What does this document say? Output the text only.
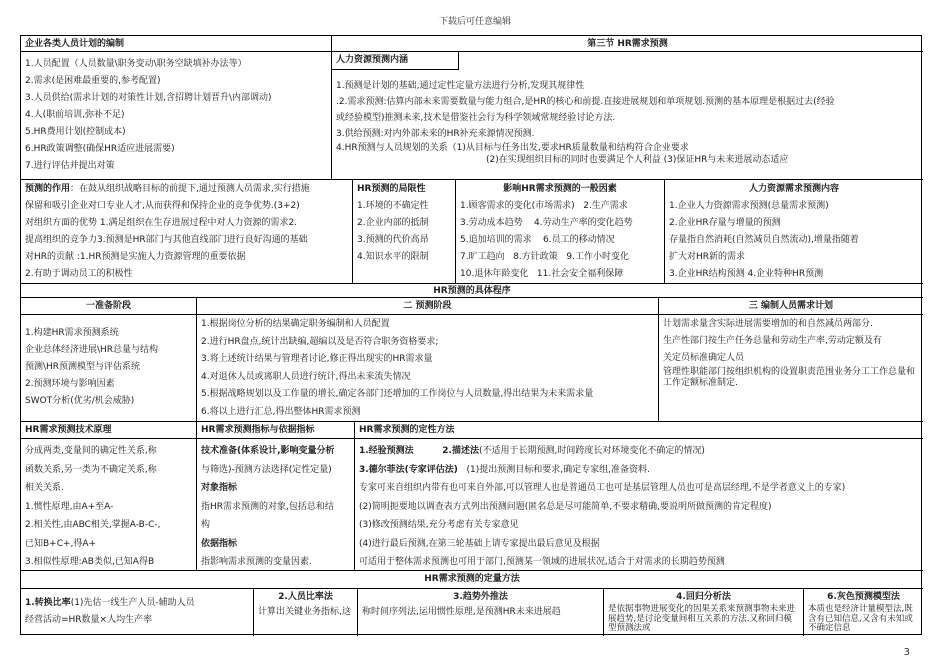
下载后可任意编辑
企业各类人员计划的编制
1.人员配置（人员数量\职务变动\职务空缺填补办法等）
2.需求(是困难最重要的,参考配置)
3.人员供给(需求计划的对策性计划,含招聘计划晋升\内部调动)
4.人(职前培训,弥补不足)
5.HR费用计划(控制成本)
6.HR政策调整(确保HR适应进展需要)
7.进行评估并提出对策
第三节 HR需求预测
人力资源预测内涵
1.预测是计划的基础,通过定性定量方法进行分析,发现其规律性
.2.需求预测:估算内部未来需要数量与能力组合,是HR的核心和前提.直接进展规划和单项规划.预测的基本原理是根据过去(经验
或经验模型)推测未来,技术是借鉴社会行为科学领域常规经验讨论方法.
3.供给预测:对内外部未来的HR补充来源情况预测.
4.HR预测与人员规划的关系（1)从目标与任务出发,要求HR质量数量和结构符合企业要求
(2)在实现组织目标的同时也要满足个人利益 (3)保证HR与未来进展动态适应
预测的作用：在鼓从组织战略目标的前提下,通过预测人员需求,实行措施
保留和吸引企业对口专业人才,从而获得和保持企业的竞争优势.(3+2)
对组织方面的优势 1.满足组织在生存进展过程中对人力资源的需求2.
提高组织的竞争力3.预测是HR部门与其他直线部门进行良好沟通的基础
对HR的贡献 :1.HR预测是实施人力资源管理的重要依据
2.有助于调动员工的积极性
HR预测的局限性
1.环境的不确定性
2.企业内部的抵制
3.预测的代价高昂
4.知识水平的限制
影响HR需求预测的一般因素
1.顾客需求的变化(市场需求) 2.生产需求
3.劳动成本趋势 4.劳动生产率的变化趋势
5.追加培训的需求 6.员工的移动情况
7.旷工趋向 8.方针政策 9.工作小时变化
10.退休年龄变化 11.社会安全福利保障
人力资源需求预测内容
1.企业人力资源需求预测(总量需求预测)
2.企业HR存量与增量的预测
存量指自然消耗(自然减员自然流动),增量指随着
扩大对HR新的需求
3.企业HR结构预测 4.企业特种HR预测
HR预测的具体程序
一准备阶段
1.构建HR需求预测系统
企业总体经济进展\HR总量与结构
预测\HR预测模型与评估系统
2.预测环境与影响因素
SWOT分析(优劣/机会威胁)
二 预测阶段
1.根据岗位分析的结果确定职务编制和人员配置
2.进行HR盘点,统计出缺编,超编以及是否符合职务资格要求;
3.将上述统计结果与管理者讨论,修正得出现实的HR需求量
4.对退休人员或离职人员进行统计,得出未来流失情况
5.根据战略规划以及工作量的增长,确定各部门还增加的工作岗位与人员数量,得出结果为未来需求量
6.将以上进行汇总,得出整体HR需求预测
三 编制人员需求计划
计划需求量含实际进展需要增加的和自然减员两部分.
生产性部门按生产任务总量和劳动生产率,劳动定额及有
关定员标准确定人员
管理性职能部门按组织机构的设置职责范围业务分工工作总量和工作定额标准制定.
HR需求预测技术原理
分成两类,变量间的确定性关系,称
函数关系,另一类为不确定关系,称
相关关系.
1.惯性原理,由A+至A-
2.相关性,由ABC相关,掌握A-B-C-,
已知B+C+,得A+
3.相似性原理:AB类似,已知A得B
HR需求预测指标与依据指标
技术准备(体系设计,影响变量分析
与筛选)-预测方法选择(定性定量)
对象指标
指HR需求预测的对象,包括总和结
构
依据指标
指影响需求预测的变量因素.
HR需求预测的定性方法
1.经验预测法	2.描述法(不适用于长期预测,时间跨度长对环境变化不确定的情况)
3.德尔菲法(专家评估法) (1)提出预测目标和要求,确定专家组,准备资料.
专家可来自组织内带有也可来自外部,可以管理人也是普通员工也可是基层管理人员也可是高层经理,不是学者意义上的专家)
(2)简明扼要地以调查表方式列出预测问题(匿名总是尽可能简单,不要求精确,要说明所做预测的肯定程度)
(3)修改预测结果,充分考虑有关专家意见
(4)进行最后预测,在第三轮基础上请专家提出最后意见及根据
可适用于整体需求预测也可用于部门,预测某一领域的进展状况,适合于对需求的长期趋势预测
HR需求预测的定量方法
1.转换比率(1)先估一线生产人员-辅助人员
经营活动=HR数量×人均生产率
2.人员比率法
计算出关键业务指标,这
3.趋势外推法
称时间序列法,运用惯性原理,是预测HR未来进展趋
4.回归分析法
是依据事物进展变化的因果关系来预测事物未来进展趋势,是讨论变量间相互关系的方法.又称回归模型预测法或
6.灰色预测模型法
本质也是经济计量模型法,既含有已知信息,又含有未知或不确定信息
3
